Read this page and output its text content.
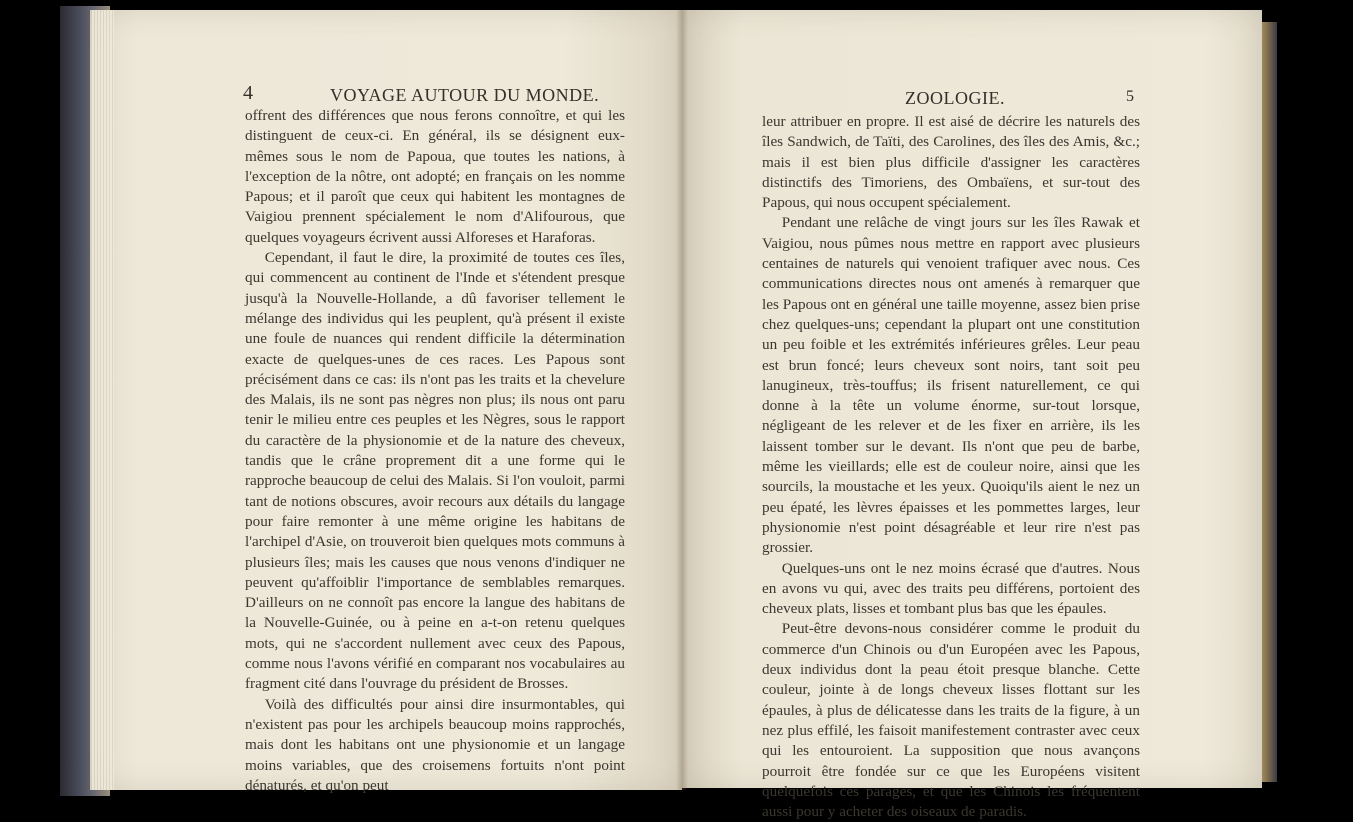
4	VOYAGE AUTOUR DU MONDE.

offrent des différences que nous ferons connoître, et qui les distinguent de ceux-ci. En général, ils se désignent eux-mêmes sous le nom de Papoua, que toutes les nations, à l'exception de la nôtre, ont adopté; en français on les nomme Papous; et il paroît que ceux qui habitent les montagnes de Vaigiou prennent spécialement le nom d'Alifourous, que quelques voyageurs écrivent aussi Alforeses et Haraforas.

Cependant, il faut le dire, la proximité de toutes ces îles, qui commencent au continent de l'Inde et s'étendent presque jusqu'à la Nouvelle-Hollande, a dû favoriser tellement le mélange des individus qui les peuplent, qu'à présent il existe une foule de nuances qui rendent difficile la détermination exacte de quelques-unes de ces races. Les Papous sont précisément dans ce cas: ils n'ont pas les traits et la chevelure des Malais, ils ne sont pas nègres non plus; ils nous ont paru tenir le milieu entre ces peuples et les Nègres, sous le rapport du caractère de la physionomie et de la nature des cheveux, tandis que le crâne proprement dit a une forme qui le rapproche beaucoup de celui des Malais. Si l'on vouloit, parmi tant de notions obscures, avoir recours aux détails du langage pour faire remonter à une même origine les habitans de l'archipel d'Asie, on trouveroit bien quelques mots communs à plusieurs îles; mais les causes que nous venons d'indiquer ne peuvent qu'affoiblir l'importance de semblables remarques. D'ailleurs on ne connoît pas encore la langue des habitans de la Nouvelle-Guinée, ou à peine en a-t-on retenu quelques mots, qui ne s'accordent nullement avec ceux des Papous, comme nous l'avons vérifié en comparant nos vocabulaires au fragment cité dans l'ouvrage du président de Brosses.

Voilà des difficultés pour ainsi dire insurmontables, qui n'existent pas pour les archipels beaucoup moins rapprochés, mais dont les habitans ont une physionomie et un langage moins variables, que des croisemens fortuits n'ont point dénaturés, et qu'on peut

ZOOLOGIE.	5

leur attribuer en propre. Il est aisé de décrire les naturels des îles Sandwich, de Taïti, des Carolines, des îles des Amis, &c.; mais il est bien plus difficile d'assigner les caractères distinctifs des Timoriens, des Ombaïens, et sur-tout des Papous, qui nous occupent spécialement.

Pendant une relâche de vingt jours sur les îles Rawak et Vaigiou, nous pûmes nous mettre en rapport avec plusieurs centaines de naturels qui venoient trafiquer avec nous. Ces communications directes nous ont amenés à remarquer que les Papous ont en général une taille moyenne, assez bien prise chez quelques-uns; cependant la plupart ont une constitution un peu foible et les extrémités inférieures grêles. Leur peau est brun foncé; leurs cheveux sont noirs, tant soit peu lanugineux, très-touffus; ils frisent naturellement, ce qui donne à la tête un volume énorme, sur-tout lorsque, négligeant de les relever et de les fixer en arrière, ils les laissent tomber sur le devant. Ils n'ont que peu de barbe, même les vieillards; elle est de couleur noire, ainsi que les sourcils, la moustache et les yeux. Quoiqu'ils aient le nez un peu épaté, les lèvres épaisses et les pommettes larges, leur physionomie n'est point désagréable et leur rire n'est pas grossier.

Quelques-uns ont le nez moins écrasé que d'autres. Nous en avons vu qui, avec des traits peu différens, portoient des cheveux plats, lisses et tombant plus bas que les épaules.

Peut-être devons-nous considérer comme le produit du commerce d'un Chinois ou d'un Européen avec les Papous, deux individus dont la peau étoit presque blanche. Cette couleur, jointe à de longs cheveux lisses flottant sur les épaules, à plus de délicatesse dans les traits de la figure, à un nez plus effilé, les faisoit manifestement contraster avec ceux qui les entouroient. La supposition que nous avançons pourroit être fondée sur ce que les Européens visitent quelquefois ces parages, et que les Chinois les fréquentent aussi pour y acheter des oiseaux de paradis.
